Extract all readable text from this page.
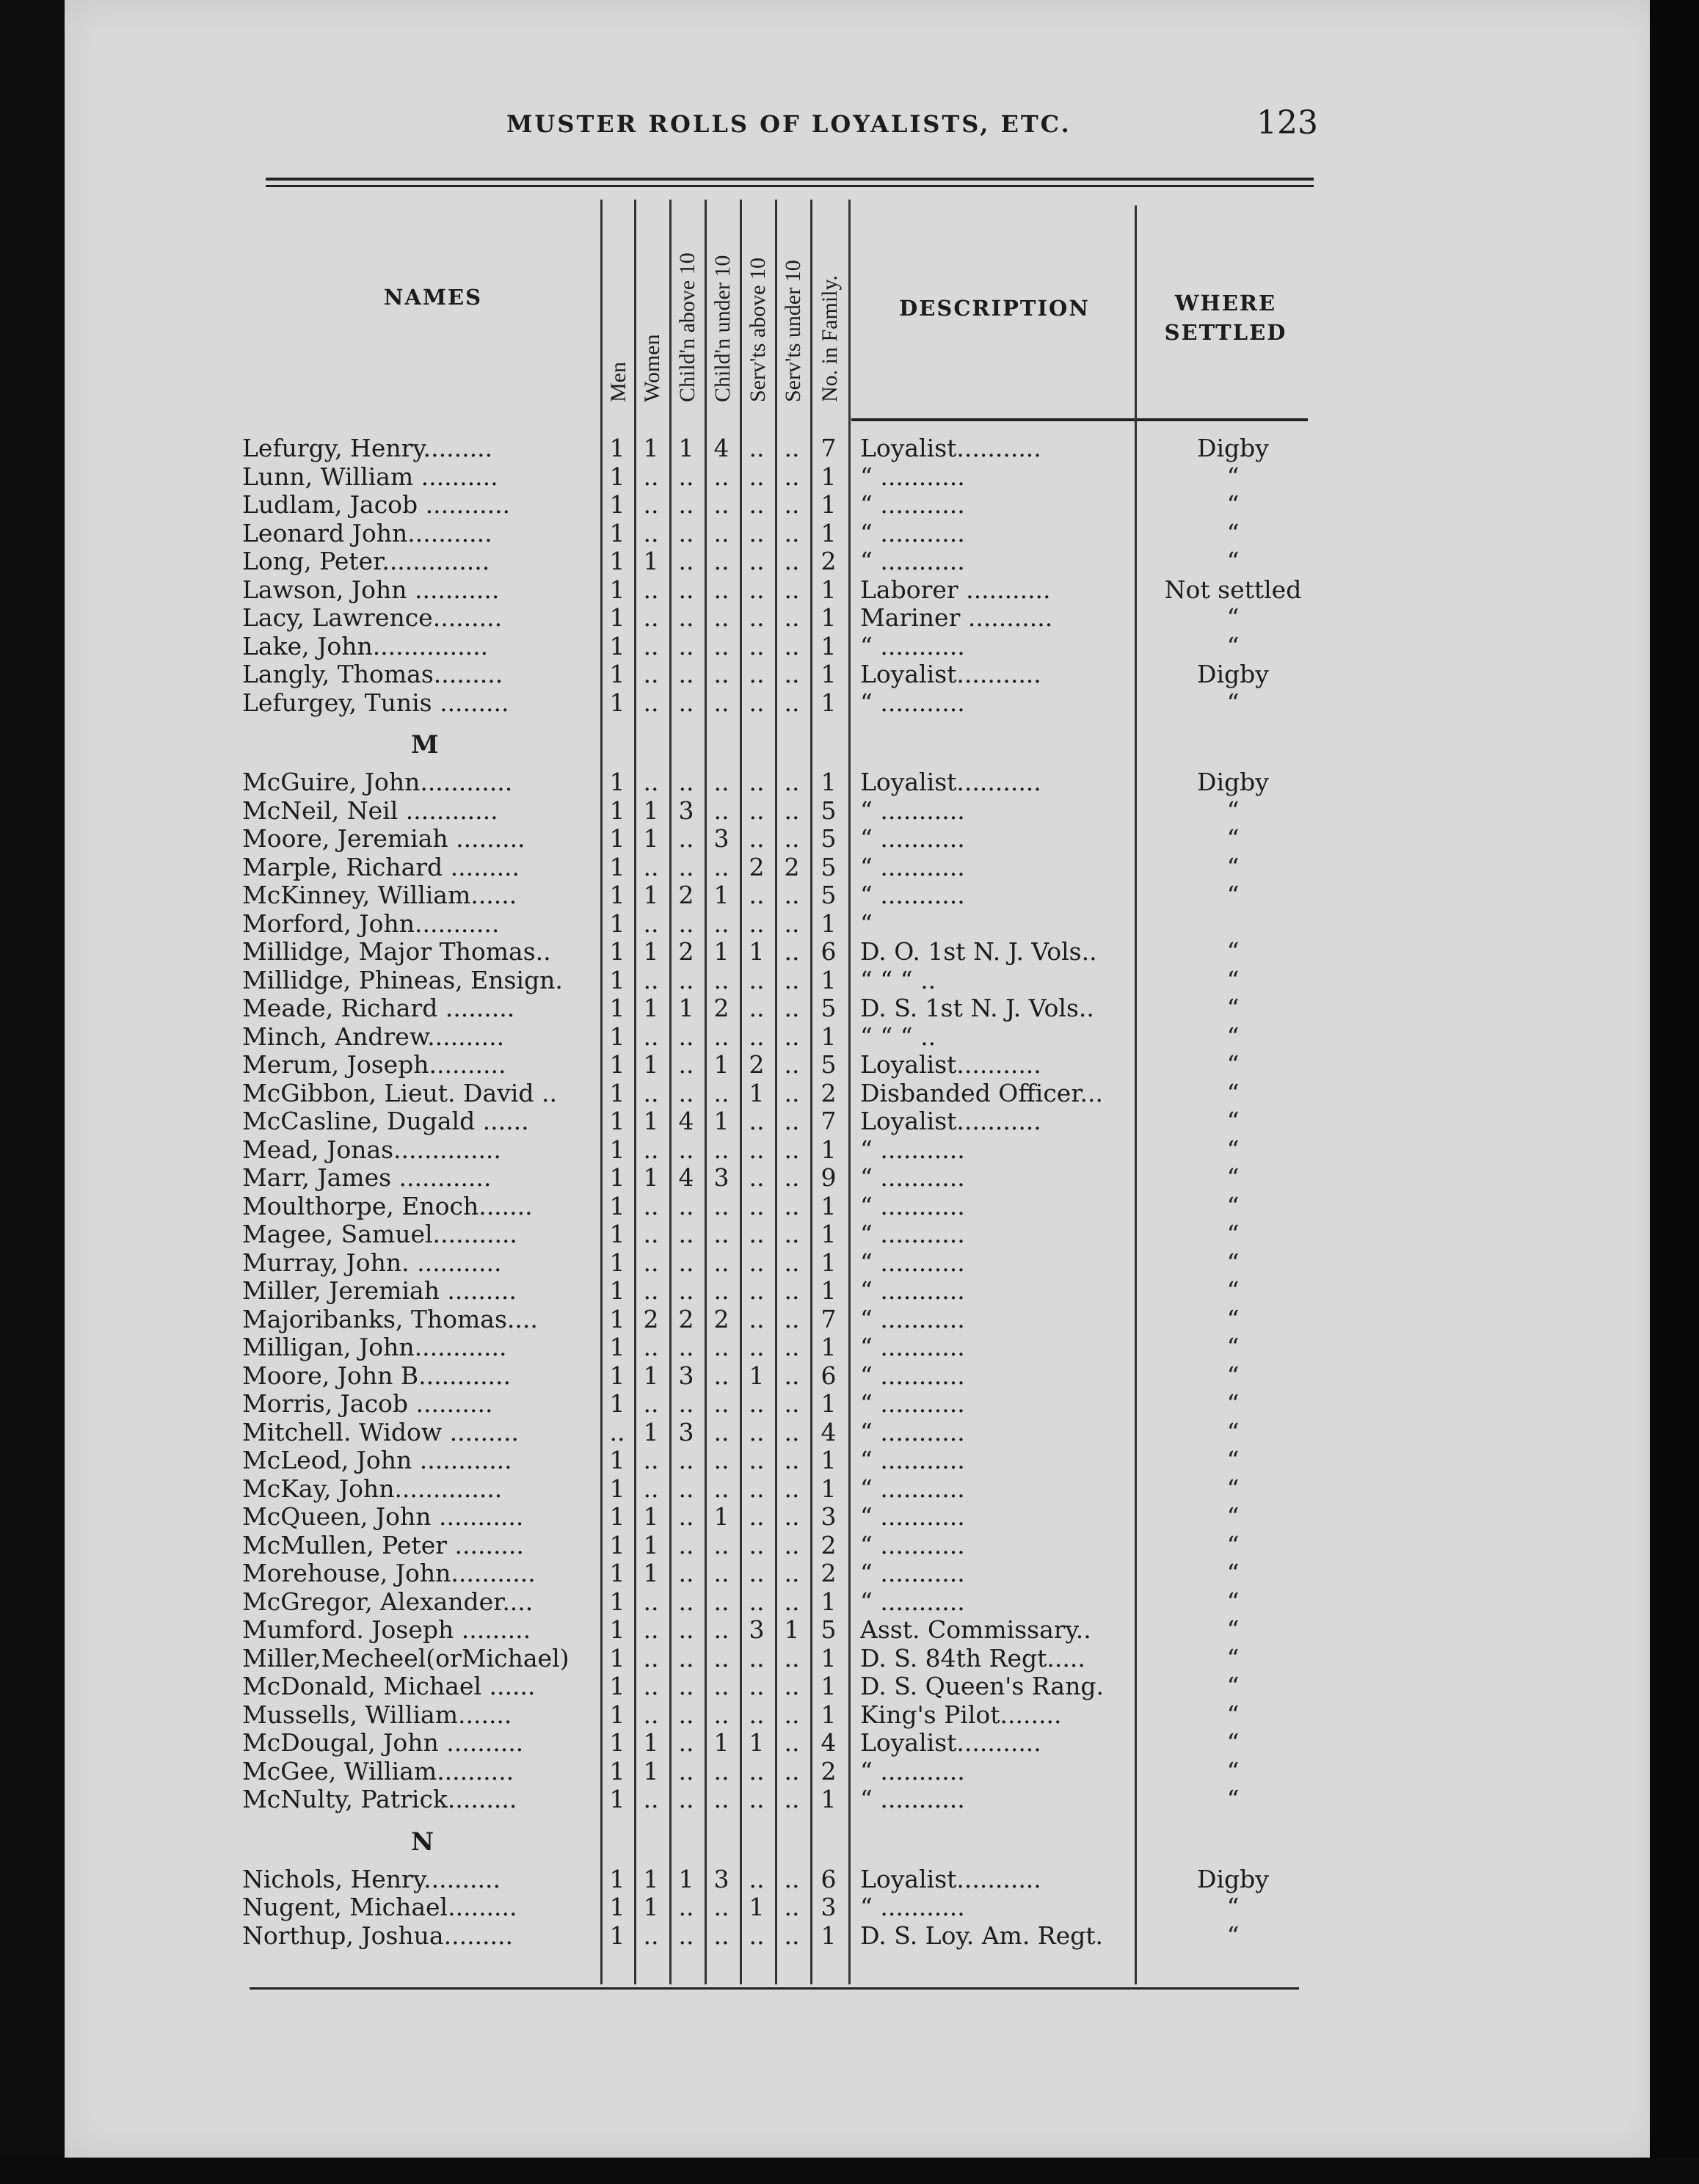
MUSTER ROLLS OF LOYALISTS, ETC.	123
NAMES
Men Women Child'n above 10 Child'n under 10 Serv'ts above 10 Serv'ts under 10 No. in Family.	DESCRIPTION	WHERE
SETTLED
Lefurgy, Henry.........	1 1 1 4 .. .. 7 Loyalist...........	Digby
Lunn, William ..........	1 .. .. .. .. .. 1 “ ...........	“
Ludlam, Jacob ...........	1 .. .. .. .. .. 1 “ ...........	“
Leonard John...........	1 .. .. .. .. .. 1 “ ...........	“
Long, Peter..............	1 1 .. .. .. .. 2 “ ...........	“
Lawson, John ...........	1 .. .. .. .. .. 1 Laborer ...........	Not settled
Lacy, Lawrence.........	1 .. .. .. .. .. 1 Mariner ...........	“
Lake, John...............	1 .. .. .. .. .. 1 “ ...........	“
Langly, Thomas.........	1 .. .. .. .. .. 1 Loyalist...........	Digby
Lefurgey, Tunis .........	1 .. .. .. .. .. 1 “ ...........	“
M
McGuire, John............	1 .. .. .. .. .. 1 Loyalist...........	Digby
McNeil, Neil ............	1 1 3 .. .. .. 5 “ ...........	“
Moore, Jeremiah .........	1 1 .. 3 .. .. 5 “ ...........	“
Marple, Richard .........	1 .. .. .. 2 2 5 “ ...........	“
McKinney, William......	1 1 2 1 .. .. 5 “ ...........	“
Morford, John...........	1 .. .. .. .. .. 1 “
Millidge, Major Thomas..	1 1 2 1 1 .. 6 D. O. 1st N. J. Vols..	“
Millidge, Phineas, Ensign.	1 .. .. .. .. .. 1 “ “ “ ..	“
Meade, Richard .........	1 1 1 2 .. .. 5 D. S. 1st N. J. Vols..	“
Minch, Andrew..........	1 .. .. .. .. .. 1 “ “ “ ..	“
Merum, Joseph..........	1 1 .. 1 2 .. 5 Loyalist...........	“
McGibbon, Lieut. David ..	1 .. .. .. 1 .. 2 Disbanded Officer...	“
McCasline, Dugald ......	1 1 4 1 .. .. 7 Loyalist...........	“
Mead, Jonas..............	1 .. .. .. .. .. 1 “ ...........	“
Marr, James ............	1 1 4 3 .. .. 9 “ ...........	“
Moulthorpe, Enoch.......	1 .. .. .. .. .. 1 “ ...........	“
Magee, Samuel...........	1 .. .. .. .. .. 1 “ ...........	“
Murray, John. ...........	1 .. .. .. .. .. 1 “ ...........	“
Miller, Jeremiah .........	1 .. .. .. .. .. 1 “ ...........	“
Majoribanks, Thomas....	1 2 2 2 .. .. 7 “ ...........	“
Milligan, John............	1 .. .. .. .. .. 1 “ ...........	“
Moore, John B............	1 1 3 .. 1 .. 6 “ ...........	“
Morris, Jacob ..........	1 .. .. .. .. .. 1 “ ...........	“
Mitchell. Widow .........	.. 1 3 .. .. .. 4 “ ...........	“
McLeod, John ............	1 .. .. .. .. .. 1 “ ...........	“
McKay, John..............	1 .. .. .. .. .. 1 “ ...........	“
McQueen, John ...........	1 1 .. 1 .. .. 3 “ ...........	“
McMullen, Peter .........	1 1 .. .. .. .. 2 “ ...........	“
Morehouse, John...........	1 1 .. .. .. .. 2 “ ...........	“
McGregor, Alexander....	1 .. .. .. .. .. 1 “ ...........	“
Mumford. Joseph .........	1 .. .. .. 3 1 5 Asst. Commissary..	“
Miller,Mecheel(orMichael)	1 .. .. .. .. .. 1 D. S. 84th Regt.....	“
McDonald, Michael ......	1 .. .. .. .. .. 1 D. S. Queen's Rang.	“
Mussells, William.......	1 .. .. .. .. .. 1 King's Pilot........	“
McDougal, John ..........	1 1 .. 1 1 .. 4 Loyalist...........	“
McGee, William..........	1 1 .. .. .. .. 2 “ ...........	“
McNulty, Patrick.........	1 .. .. .. .. .. 1 “ ...........	“
N
Nichols, Henry..........	1 1 1 3 .. .. 6 Loyalist...........	Digby
Nugent, Michael.........	1 1 .. .. 1 .. 3 “ ...........	“
Northup, Joshua.........	1 .. .. .. .. .. 1 D. S. Loy. Am. Regt.	“
